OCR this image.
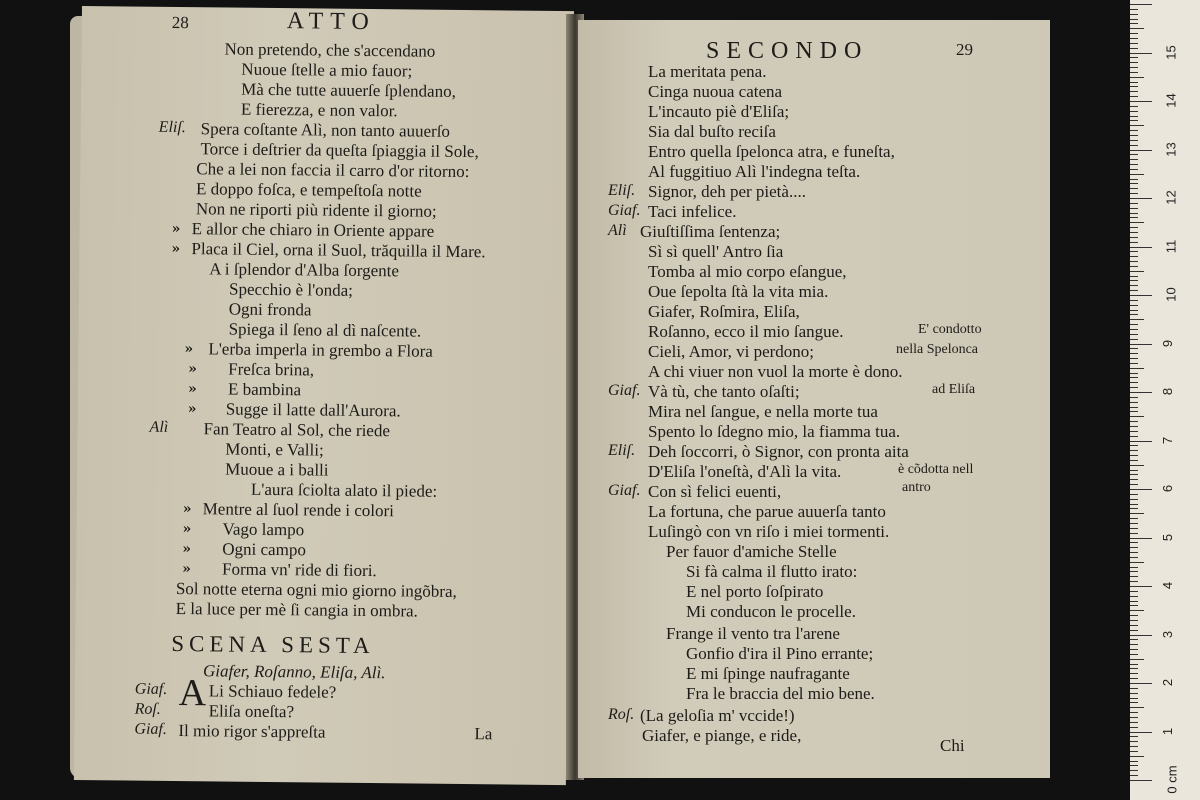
28	ATTO
Non pretendo, che s'accendano
Nuoue ſtelle a mio fauor;
Mà che tutte auuerſe ſplendano,
E fierezza, e non valor.
Eliſ. Spera coſtante Alì, non tanto auuerſo
Torce i deſtrier da queſta ſpiaggia il Sole,
Che a lei non faccia il carro d'or ritorno:
E doppo foſca, e tempeſtoſa notte
Non ne riporti più ridente il giorno;
» E allor che chiaro in Oriente appare
» Placa il Ciel, orna il Suol, trăquilla il Mare.
A i ſplendor d'Alba ſorgente
Specchio è l'onda;
Ogni fronda
Spiega il ſeno al dì naſcente.
» L'erba imperla in grembo a Flora
» Freſca brina,
» E bambina
» Sugge il latte dall'Aurora.
Alì Fan Teatro al Sol, che riede
Monti, e Valli;
Muoue a i balli
L'aura ſciolta alato il piede:
» Mentre al ſuol rende i colori
» Vago lampo
» Ogni campo
» Forma vn' ride di fiori.
Sol notte eterna ogni mio giorno ingõbra,
E la luce per mè ſi cangia in ombra.
SCENA SESTA
Giafer, Roſanno, Eliſa, Alì.
Giaf. A Li Schiauo fedele?
Roſ.	Eliſa oneſta?
Giaf. Il mio rigor s'appreſta	La
SECONDO	29
La meritata pena.
Cinga nuoua catena
L'incauto piè d'Eliſa;
Sia dal buſto reciſa
Entro quella ſpelonca atra, e funeſta,
Al fuggitiuo Alì l'indegna teſta.
Eliſ. Signor, deh per pietà....
Giaf. Taci infelice.
Alì Giuſtiſſima ſentenza;
Sì sì quell' Antro ſia
Tomba al mio corpo eſangue,
Oue ſepolta ſtà la vita mia.
Giafer, Roſmira, Eliſa,
Roſanno, ecco il mio ſangue.	E' condotto
Cieli, Amor, vi perdono;	nella Spelonca
A chi viuer non vuol la morte è dono.
Giaf. Và tù, che tanto oſaſti;	ad Eliſa
Mira nel ſangue, e nella morte tua
Spento lo ſdegno mio, la fiamma tua.
Eliſ. Deh ſoccorri, ò Signor, con pronta aita
D'Eliſa l'oneſtà, d'Alì la vita.	è cõdotta nell
Giaf. Con sì felici euenti,	antro
La fortuna, che parue auuerſa tanto
Luſingò con vn riſo i miei tormenti.
Per fauor d'amiche Stelle
Si fà calma il flutto irato:
E nel porto ſoſpirato
Mi conducon le procelle.
Frange il vento tra l'arene
Gonfio d'ira il Pino errante;
E mi ſpinge naufragante
Fra le braccia del mio bene.
Roſ. (La geloſia m' vccide!)
Giafer, e piange, e ride,
Chi
0 cm
1
2
3
4
5
6
7
8
9
10
11
12
13
14
15
